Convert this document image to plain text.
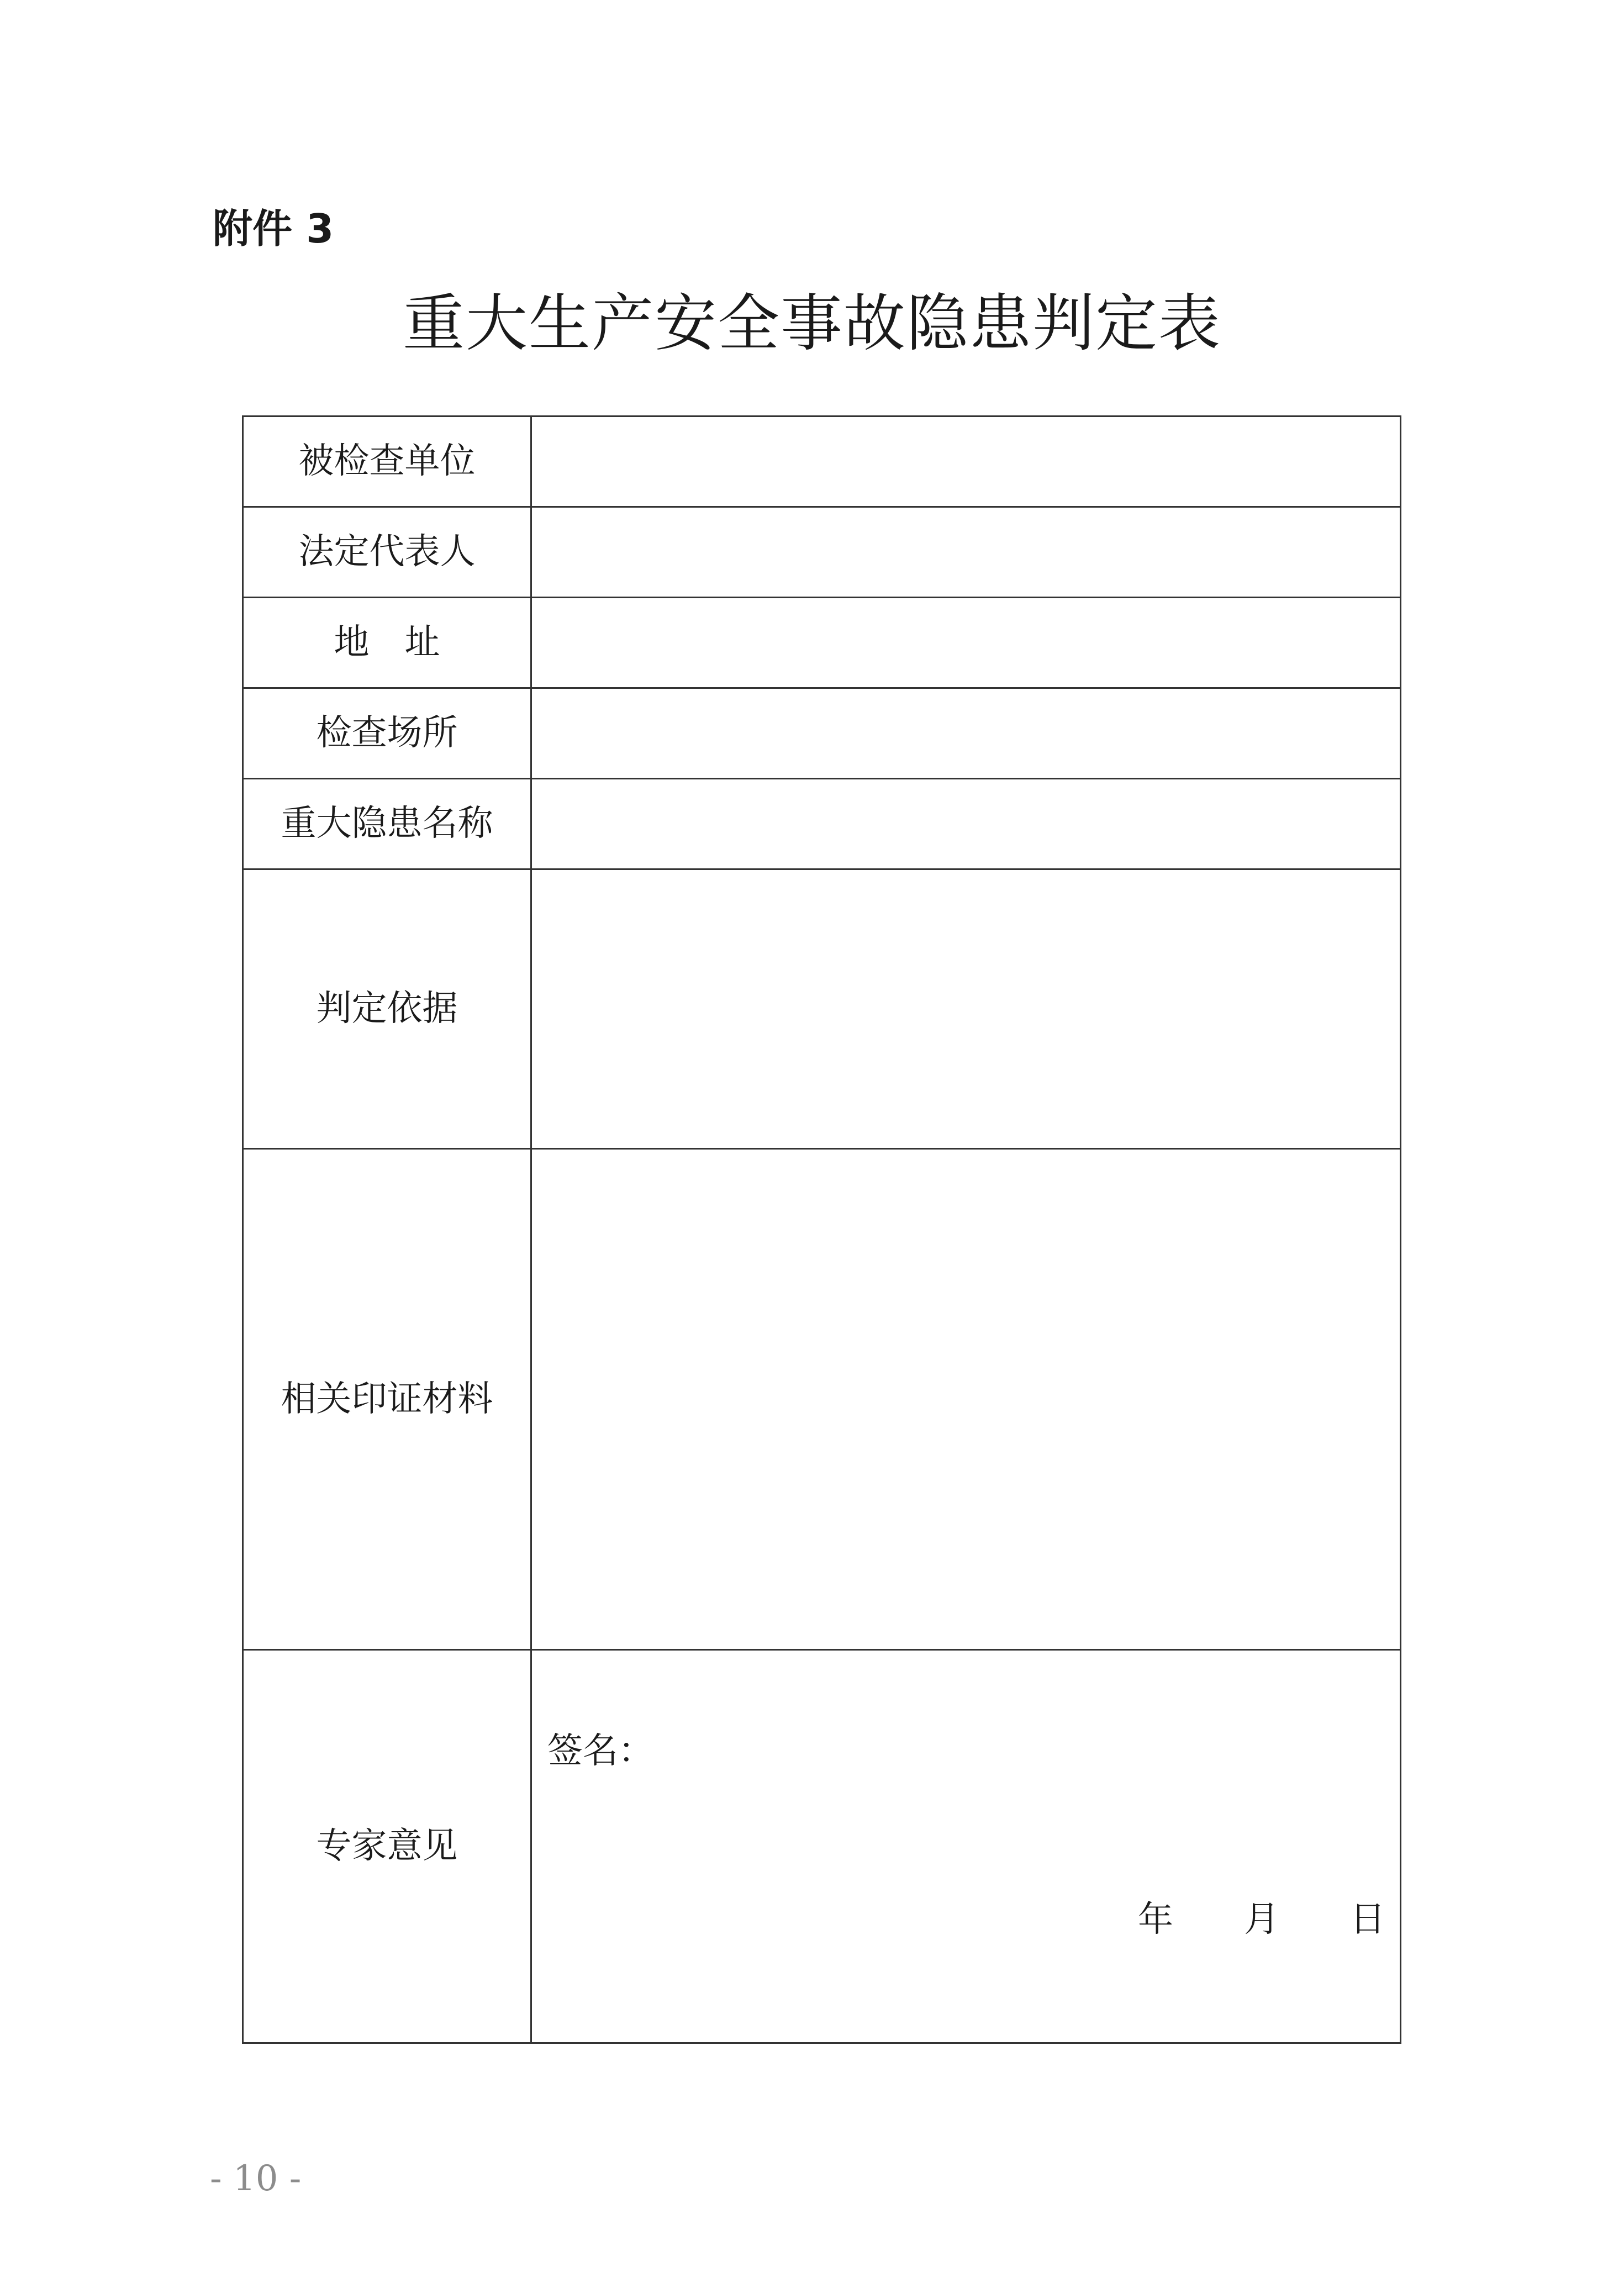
附件 3
重大生产安全事故隐患判定表
被检查单位	
法定代表人	
地　址	
检查场所	
重大隐患名称	
判定依据	
相关印证材料	
专家意见	签名：
年　　月　　日
- 10 -
